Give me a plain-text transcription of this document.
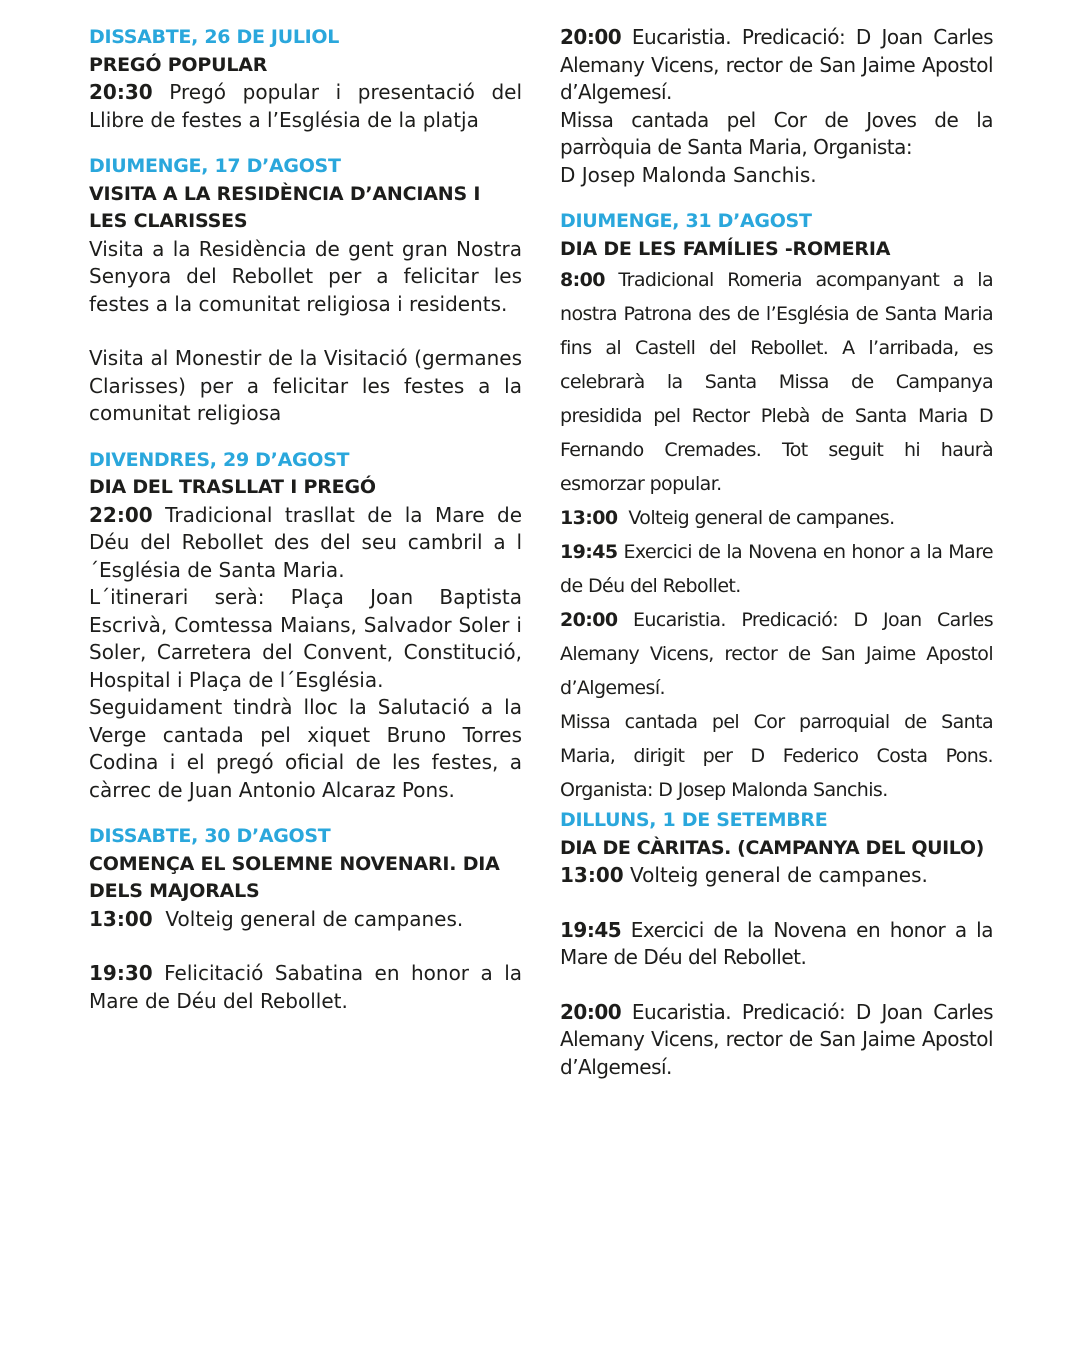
DISSABTE, 26 DE JULIOL

PREGÓ POPULAR

20:30 Pregó popular i presentació del Llibre de festes a l’Església de la platja

DIUMENGE, 17 D’AGOST

VISITA A LA RESIDÈNCIA D’ANCIANS I LES CLARISSES

Visita a la Residència de gent gran Nostra Senyora del Rebollet per a felicitar les festes a la comunitat religiosa i residents.

Visita al Monestir de la Visitació (germanes Clarisses) per a felicitar les festes a la comunitat religiosa

DIVENDRES, 29 D’AGOST

DIA DEL TRASLLAT I PREGÓ

22:00 Tradicional trasllat de la Mare de Déu del Rebollet des del seu cambril a l´Església de Santa Maria.

L´itinerari serà: Plaça Joan Baptista Escrivà, Comtessa Maians, Salvador Soler i Soler, Carretera del Convent, Constitució, Hospital i Plaça de l´Església.

Seguidament tindrà lloc la Salutació a la Verge cantada pel xiquet Bruno Torres Codina i el pregó oficial de les festes, a càrrec de Juan Antonio Alcaraz Pons.

DISSABTE, 30 D’AGOST

COMENÇA EL SOLEMNE NOVENARI. DIA DELS MAJORALS

13:00 Volteig general de campanes.

19:30 Felicitació Sabatina en honor a la Mare de Déu del Rebollet.

20:00 Eucaristia. Predicació: D Joan Carles Alemany Vicens, rector de San Jaime Apostol d’Algemesí.

Missa cantada pel Cor de Joves de la parròquia de Santa Maria, Organista:

D Josep Malonda Sanchis.

DIUMENGE, 31 D’AGOST

DIA DE LES FAMÍLIES -ROMERIA

8:00 Tradicional Romeria acompanyant a la nostra Patrona des de l’Església de Santa Maria fins al Castell del Rebollet. A l’arribada, es celebrarà la Santa Missa de Campanya presidida pel Rector Plebà de Santa Maria D Fernando Cremades. Tot seguit hi haurà esmorzar popular.

13:00 Volteig general de campanes.

19:45 Exercici de la Novena en honor a la Mare de Déu del Rebollet.

20:00 Eucaristia. Predicació: D Joan Carles Alemany Vicens, rector de San Jaime Apostol d’Algemesí.

Missa cantada pel Cor parroquial de Santa Maria, dirigit per D Federico Costa Pons. Organista: D Josep Malonda Sanchis.

DILLUNS, 1 DE SETEMBRE

DIA DE CÀRITAS. (CAMPANYA DEL QUILO)

13:00 Volteig general de campanes.

19:45 Exercici de la Novena en honor a la Mare de Déu del Rebollet.

20:00 Eucaristia. Predicació: D Joan Carles Alemany Vicens, rector de San Jaime Apostol d’Algemesí.
